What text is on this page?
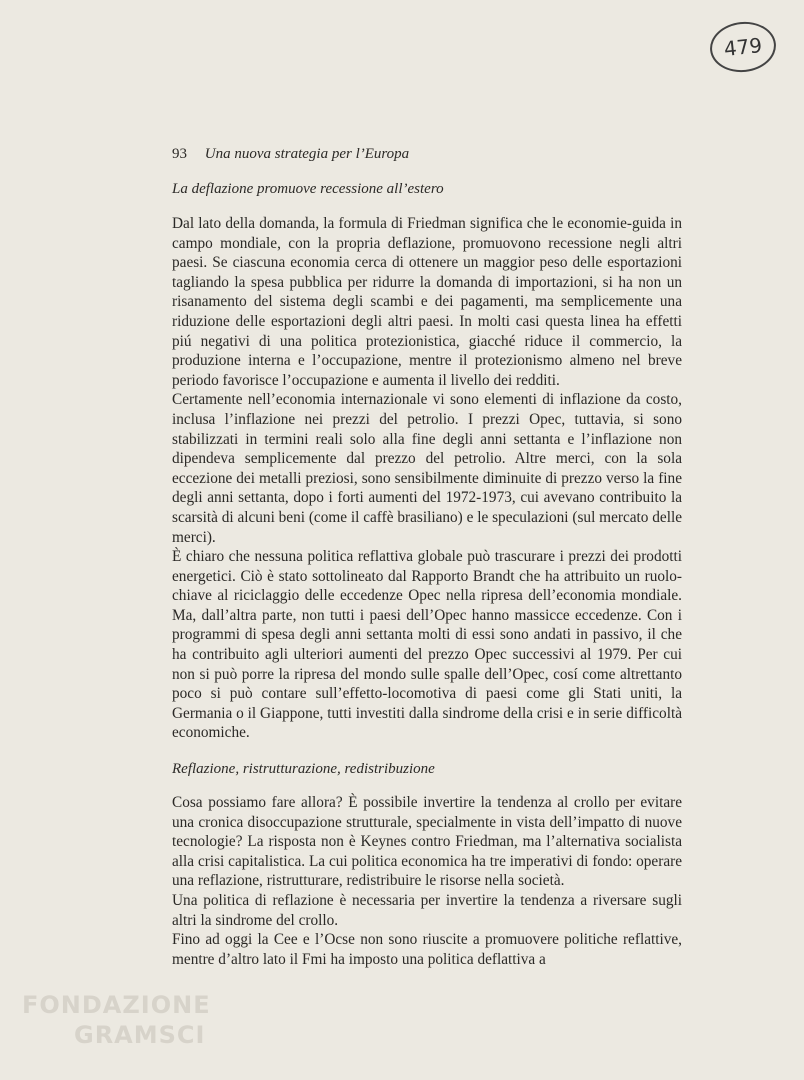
479
93 Una nuova strategia per l’Europa
La deflazione promuove recessione all’estero

Dal lato della domanda, la formula di Friedman significa che le economie-guida in campo mondiale, con la propria deflazione, promuovono recessione negli altri paesi. Se ciascuna economia cerca di ottenere un maggior peso delle esportazioni tagliando la spesa pubblica per ridurre la domanda di importazioni, si ha non un risanamento del sistema degli scambi e dei pagamenti, ma semplicemente una riduzione delle esportazioni degli altri paesi. In molti casi questa linea ha effetti piú negativi di una politica protezionistica, giacché riduce il commercio, la produzione interna e l’occupazione, mentre il protezionismo almeno nel breve periodo favorisce l’occupazione e aumenta il livello dei redditi.

Certamente nell’economia internazionale vi sono elementi di inflazione da costo, inclusa l’inflazione nei prezzi del petrolio. I prezzi Opec, tuttavia, si sono stabilizzati in termini reali solo alla fine degli anni settanta e l’inflazione non dipendeva semplicemente dal prezzo del petrolio. Altre merci, con la sola eccezione dei metalli preziosi, sono sensibilmente diminuite di prezzo verso la fine degli anni settanta, dopo i forti aumenti del 1972-1973, cui avevano contribuito la scarsità di alcuni beni (come il caffè brasiliano) e le speculazioni (sul mercato delle merci).

È chiaro che nessuna politica reflattiva globale può trascurare i prezzi dei prodotti energetici. Ciò è stato sottolineato dal Rapporto Brandt che ha attribuito un ruolo-chiave al riciclaggio delle eccedenze Opec nella ripresa dell’economia mondiale. Ma, dall’altra parte, non tutti i paesi dell’Opec hanno massicce eccedenze. Con i programmi di spesa degli anni settanta molti di essi sono andati in passivo, il che ha contribuito agli ulteriori aumenti del prezzo Opec successivi al 1979. Per cui non si può porre la ripresa del mondo sulle spalle dell’Opec, cosí come altrettanto poco si può contare sull’effetto-locomotiva di paesi come gli Stati uniti, la Germania o il Giappone, tutti investiti dalla sindrome della crisi e in serie difficoltà economiche.

Reflazione, ristrutturazione, redistribuzione

Cosa possiamo fare allora? È possibile invertire la tendenza al crollo per evitare una cronica disoccupazione strutturale, specialmente in vista dell’impatto di nuove tecnologie? La risposta non è Keynes contro Friedman, ma l’alternativa socialista alla crisi capitalistica. La cui politica economica ha tre imperativi di fondo: operare una reflazione, ristrutturare, redistribuire le risorse nella società.

Una politica di reflazione è necessaria per invertire la tendenza a riversare sugli altri la sindrome del crollo.

Fino ad oggi la Cee e l’Ocse non sono riuscite a promuovere politiche reflattive, mentre d’altro lato il Fmi ha imposto una politica deflattiva a

FONDAZIONE
GRAMSCI
